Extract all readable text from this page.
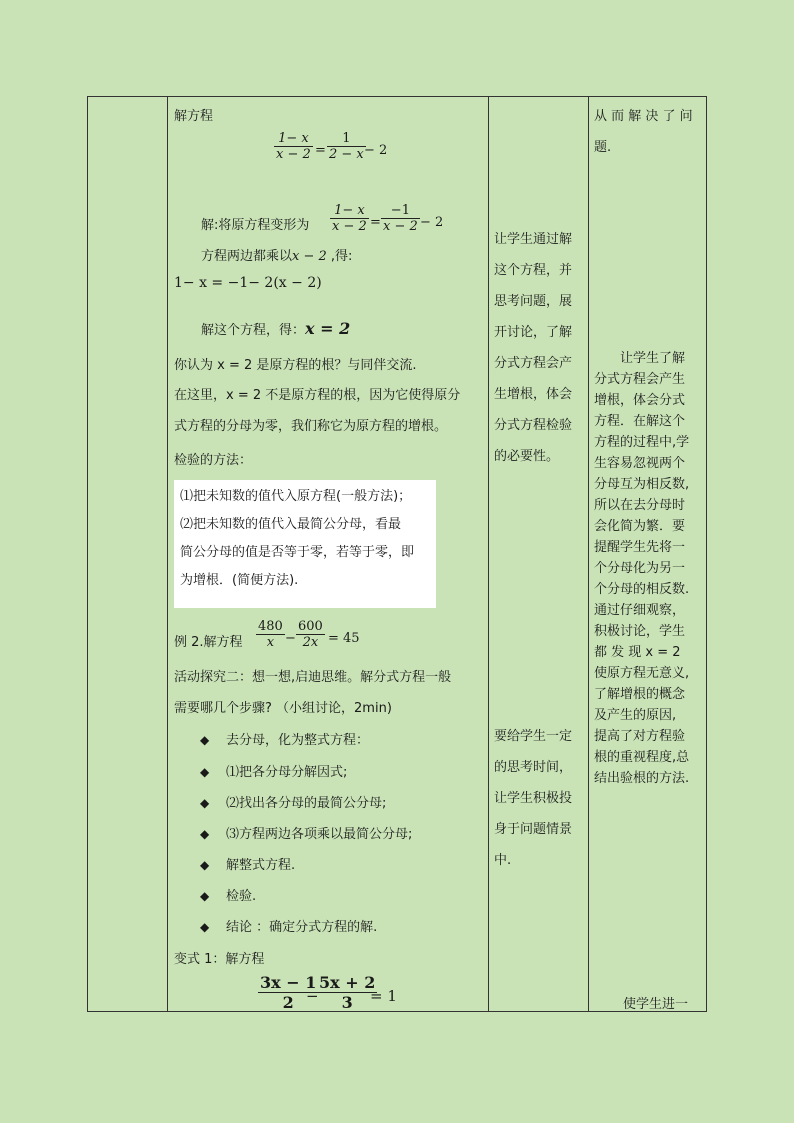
解方程
1− x
x − 2 =
1
2 − x − 2
解:将原方程变形为
1− x
x − 2 =
−1
x − 2 − 2
方程两边都乘以x − 2 ,得:
1− x = −1− 2(x − 2)
解这个方程，得：x = 2
你认为 x = 2 是原方程的根？与同伴交流.
在这里，x = 2 不是原方程的根，因为它使得原分
式方程的分母为零，我们称它为原方程的增根。
检验的方法：
⑴把未知数的值代入原方程(一般方法)；
⑵把未知数的值代入最简公分母，看最
简公分母的值是否等于零，若等于零，即
为增根．(简便方法).
例 2.解方程
480
x −
600
2x = 45
活动探究二：想一想,启迪思维。解分式方程一般
需要哪几个步骤? （小组讨论，2min)
◆ 去分母，化为整式方程：
◆ ⑴把各分母分解因式;
◆ ⑵找出各分母的最简公分母;
◆ ⑶方程两边各项乘以最简公分母;
◆ 解整式方程.
◆ 检验.
◆ 结论 ：确定分式方程的解.
变式 1：解方程
3x − 1
2 −
5x + 2
3 = 1

让学生通过解

这个方程，并

思考问题，展

开讨论，了解

分式方程会产

生增根，体会

分式方程检验

的必要性。

要给学生一定

的思考时间，

让学生积极投

身于问题情景

中.

从 而 解 决 了 问

题.

让学生了解

分式方程会产生

增根，体会分式

方程．在解这个

方程的过程中,学

生容易忽视两个

分母互为相反数,

所以在去分母时

会化简为繁．要

提醒学生先将一

个分母化为另一

个分母的相反数.

通过仔细观察，

积极讨论，学生

都 发 现 x = 2

使原方程无意义,

了解增根的概念

及产生的原因,

提高了对方程验

根的重视程度,总

结出验根的方法.

使学生进一
